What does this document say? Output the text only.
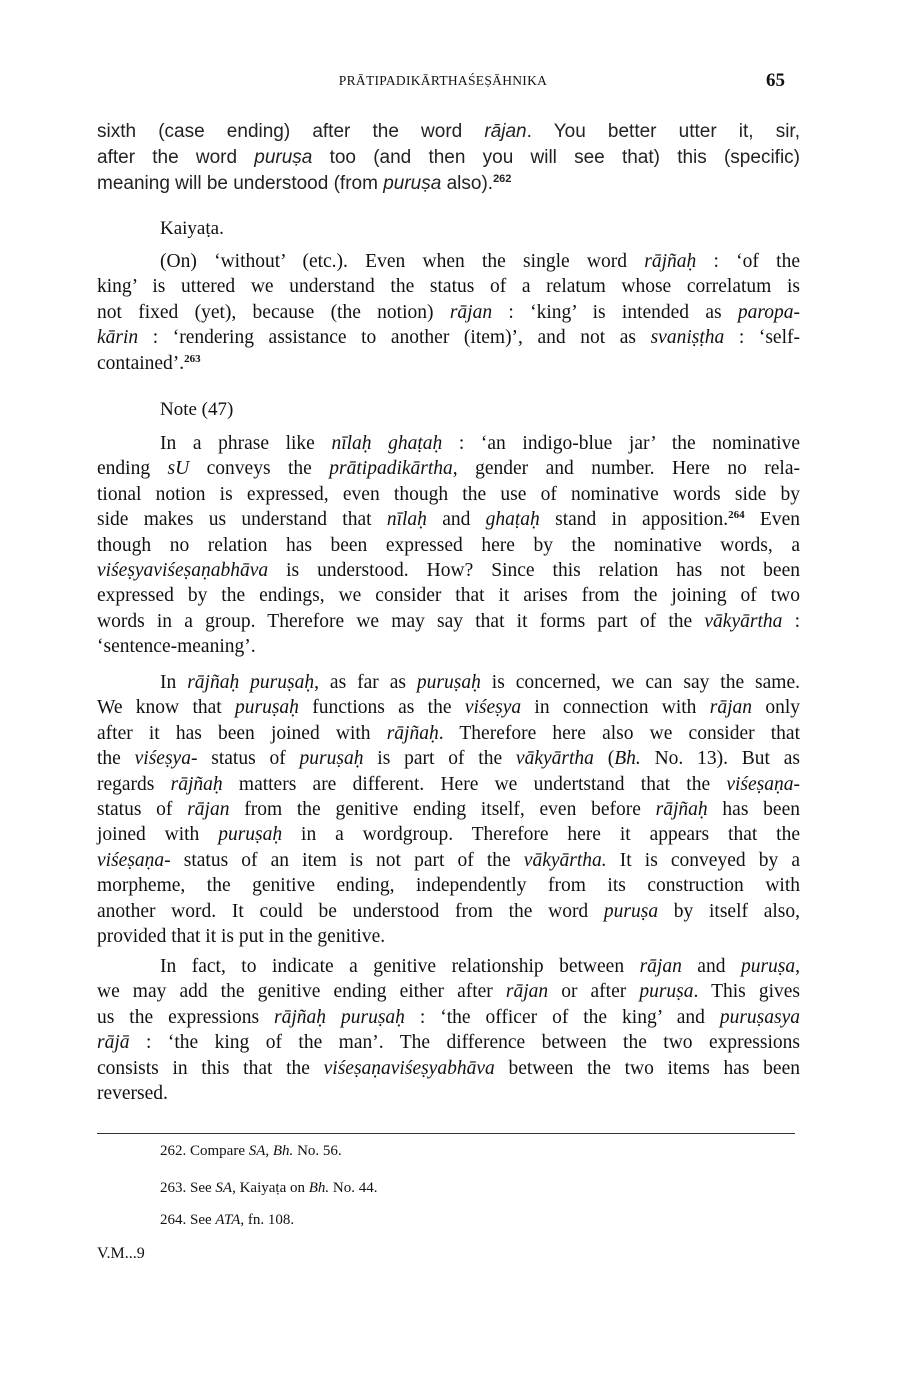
PRĀTIPADIKĀRTHAŚEṢĀHNIKA	65
sixth (case ending) after the word rājan. You better utter it, sir,
after the word puruṣa too (and then you will see that) this (specific)
meaning will be understood (from puruṣa also).$^{262}$
Kaiyaṭa.
(On) ‘without’ (etc.). Even when the single word rājñaḥ : ‘of the
king’ is uttered we understand the status of a relatum whose correlatum is
not fixed (yet), because (the notion) rājan : ‘king’ is intended as paropa-
kārin : ‘rendering assistance to another (item)’, and not as svaniṣṭha : ‘self-
contained’.$^{263}$
Note (47)
In a phrase like nīlaḥ ghaṭaḥ : ‘an indigo-blue jar’ the nominative
ending sU conveys the prātipadikārtha, gender and number. Here no rela-
tional notion is expressed, even though the use of nominative words side by
side makes us understand that nīlaḥ and ghaṭaḥ stand in apposition.$^{264}$ Even
though no relation has been expressed here by the nominative words, a
viśeṣyaviśeṣaṇabhāva is understood. How? Since this relation has not been
expressed by the endings, we consider that it arises from the joining of two
words in a group. Therefore we may say that it forms part of the vākyārtha :
‘sentence-meaning’.
In rājñaḥ puruṣaḥ, as far as puruṣaḥ is concerned, we can say the same.
We know that puruṣaḥ functions as the viśeṣya in connection with rājan only
after it has been joined with rājñaḥ. Therefore here also we consider that
the viśeṣya- status of puruṣaḥ is part of the vākyārtha (Bh. No. 13). But as
regards rājñaḥ matters are different. Here we undertstand that the viśeṣaṇa-
status of rājan from the genitive ending itself, even before rājñaḥ has been
joined with puruṣaḥ in a wordgroup. Therefore here it appears that the
viśeṣaṇa- status of an item is not part of the vākyārtha. It is conveyed by a
morpheme, the genitive ending, independently from its construction with
another word. It could be understood from the word puruṣa by itself also,
provided that it is put in the genitive.
In fact, to indicate a genitive relationship between rājan and puruṣa,
we may add the genitive ending either after rājan or after puruṣa. This gives
us the expressions rājñaḥ puruṣaḥ : ‘the officer of the king’ and puruṣasya
rājā : ‘the king of the man’. The difference between the two expressions
consists in this that the viśeṣaṇaviśeṣyabhāva between the two items has been
reversed.
262. Compare SA, Bh. No. 56.
263. See SA, Kaiyaṭa on Bh. No. 44.
264. See ATA, fn. 108.
V.M...9
